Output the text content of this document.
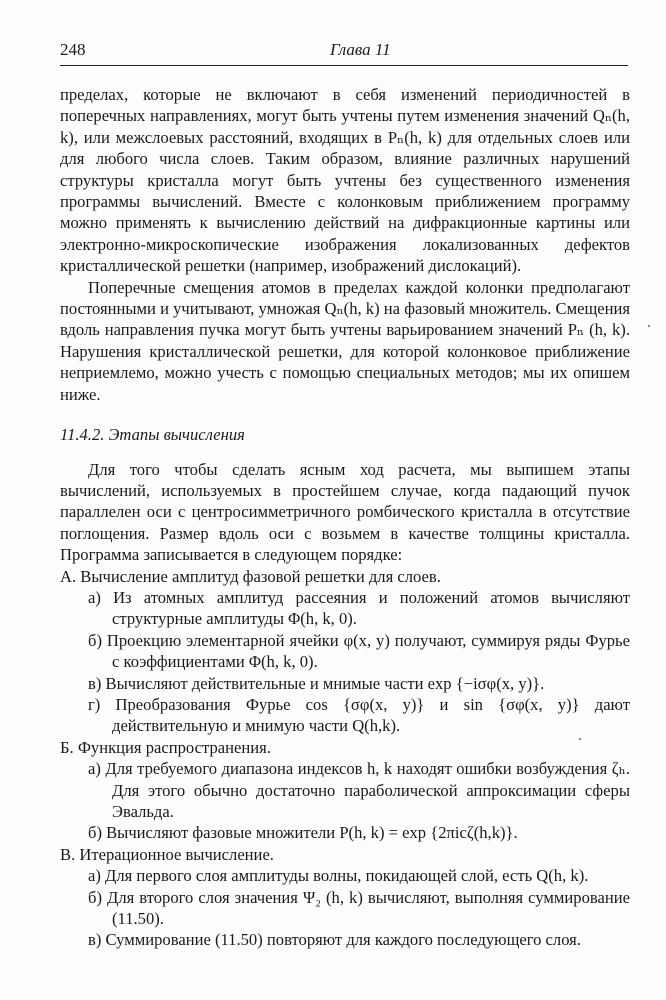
248	Глава 11

пределах, которые не включают в себя изменений периодичностей в поперечных направлениях, могут быть учтены путем изменения значений Qₙ(h, k), или межслоевых расстояний, входящих в Pₙ(h, k) для отдельных слоев или для любого числа слоев. Таким образом, влияние различных нарушений структуры кристалла могут быть учтены без существенного изменения программы вычислений. Вместе с колонковым приближением программу можно применять к вычислению действий на дифракционные картины или электронно-микроскопические изображения локализованных дефектов кристаллической решетки (например, изображений дислокаций).

Поперечные смещения атомов в пределах каждой колонки предполагают постоянными и учитывают, умножая Qₙ(h, k) на фазовый множитель. Смещения вдоль направления пучка могут быть учтены варьированием значений Pₙ (h, k). Нарушения кристаллической решетки, для которой колонковое приближение неприемлемо, можно учесть с помощью специальных методов; мы их опишем ниже.

11.4.2. Этапы вычисления

Для того чтобы сделать ясным ход расчета, мы выпишем этапы вычислений, используемых в простейшем случае, когда падающий пучок параллелен оси c центросимметричного ромбического кристалла в отсутствие поглощения. Размер вдоль оси c возьмем в качестве толщины кристалла. Программа записывается в следующем порядке:

А. Вычисление амплитуд фазовой решетки для слоев.

а) Из атомных амплитуд рассеяния и положений атомов вычисляют структурные амплитуды Φ(h, k, 0).

б) Проекцию элементарной ячейки φ(x, y) получают, суммируя ряды Фурье с коэффициентами Φ(h, k, 0).

в) Вычисляют действительные и мнимые части exp {−iσφ(x, y)}.

г) Преобразования Фурье cos {σφ(x, y)} и sin {σφ(x, y)} дают действительную и мнимую части Q(h,k).

Б. Функция распространения.

а) Для требуемого диапазона индексов h, k находят ошибки возбуждения ζₕ. Для этого обычно достаточно параболической аппроксимации сферы Эвальда.

б) Вычисляют фазовые множители P(h, k) = exp {2πicζ(h,k)}.

В. Итерационное вычисление.

а) Для первого слоя амплитуды волны, покидающей слой, есть Q(h, k).

б) Для второго слоя значения Ψ₂ (h, k) вычисляют, выполняя суммирование (11.50).

в) Суммирование (11.50) повторяют для каждого последующего слоя.
